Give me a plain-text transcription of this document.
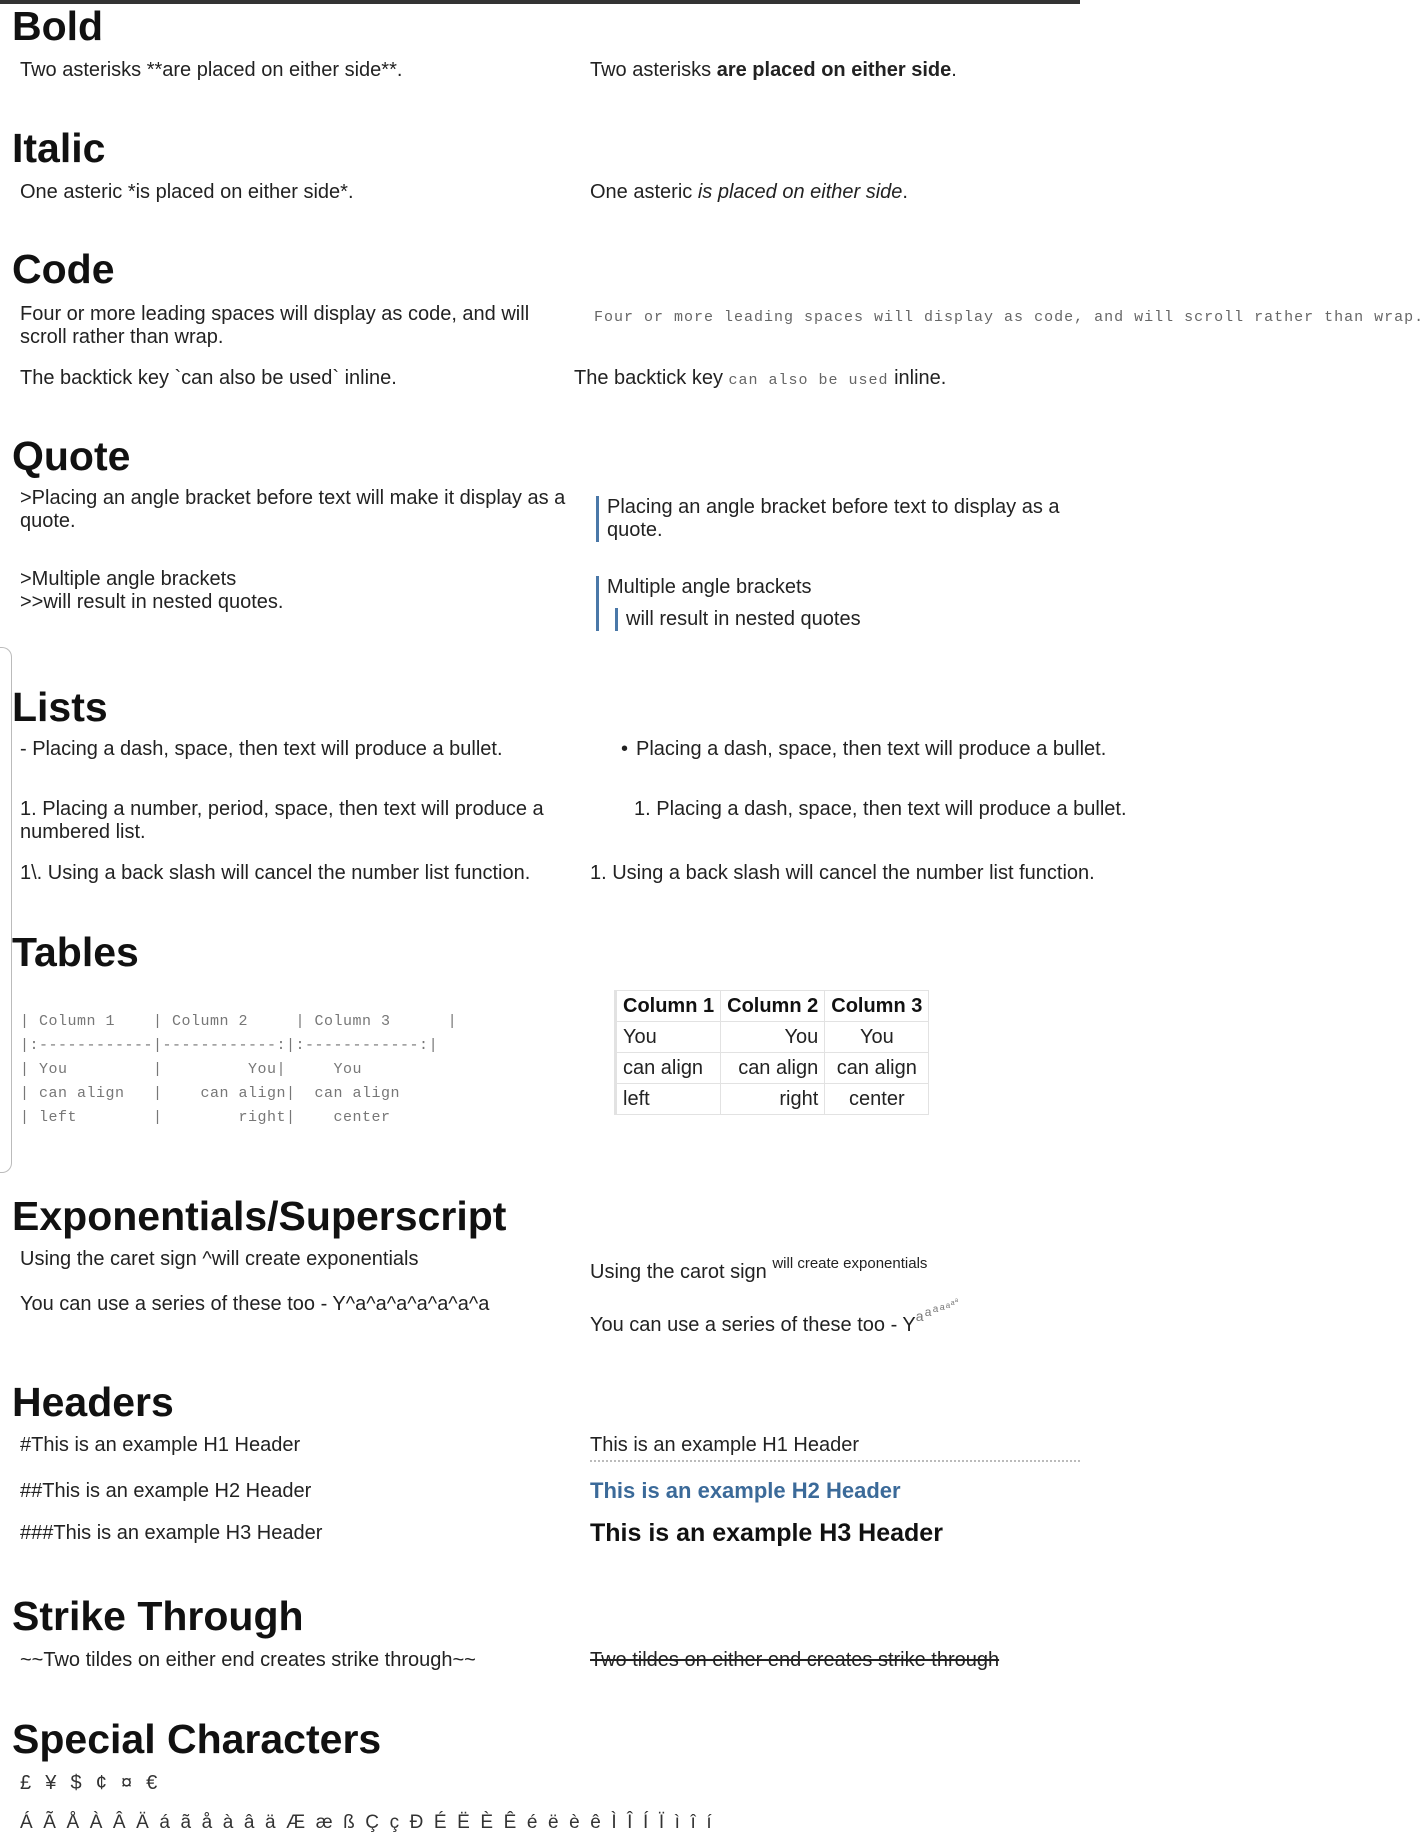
Bold
Two asterisks **are placed on either side**.	Two asterisks are placed on either side.
Italic
One asteric *is placed on either side*.	One asteric is placed on either side.
Code
Four or more leading spaces will display as code, and will scroll rather than wrap.
Four or more leading spaces will display as code, and will scroll rather than wrap.
The backtick key `can also be used` inline.	The backtick key can also be used inline.
Quote
>Placing an angle bracket before text will make it display as a quote.
Placing an angle bracket before text to display as a quote.
>Multiple angle brackets
>>will result in nested quotes.
Multiple angle brackets
will result in nested quotes
Lists
- Placing a dash, space, then text will produce a bullet.	• Placing a dash, space, then text will produce a bullet.
1. Placing a number, period, space, then text will produce a numbered list.
1. Placing a dash, space, then text will produce a bullet.
1\. Using a back slash will cancel the number list function.	1. Using a back slash will cancel the number list function.
Tables
| Column 1    | Column 2     | Column 3      |
|:------------|------------:|:------------:|
| You         |         You|     You
| can align   |    can align|  can align
| left        |        right|    center
Column 1	Column 2	Column 3
You	You	You
can align	can align	can align
left	right	center
Exponentials/Superscript
Using the caret sign ^will create exponentials
Using the carot sign $^{will create exponentials}$
You can use a series of these too - Y^a^a^a^a^a^a^a
You can use a series of these too - Y a a a a a a a
Headers
#This is an example H1 Header	This is an example H1 Header
##This is an example H2 Header	This is an example H2 Header
###This is an example H3 Header	This is an example H3 Header
Strike Through
~~Two tildes on either end creates strike through~~	Two tildes on either end creates strike through
Special Characters
£  ¥  $  ¢  ¤  €
Á  Ã  Å  À  Â  Ä  á  ã  å  à  â  ä  Æ  æ  ß  Ç  ç  Ð  É  Ë  È  Ê  é  ë  è  ê  Ì  Î  Í  Ï  ì  î  í
